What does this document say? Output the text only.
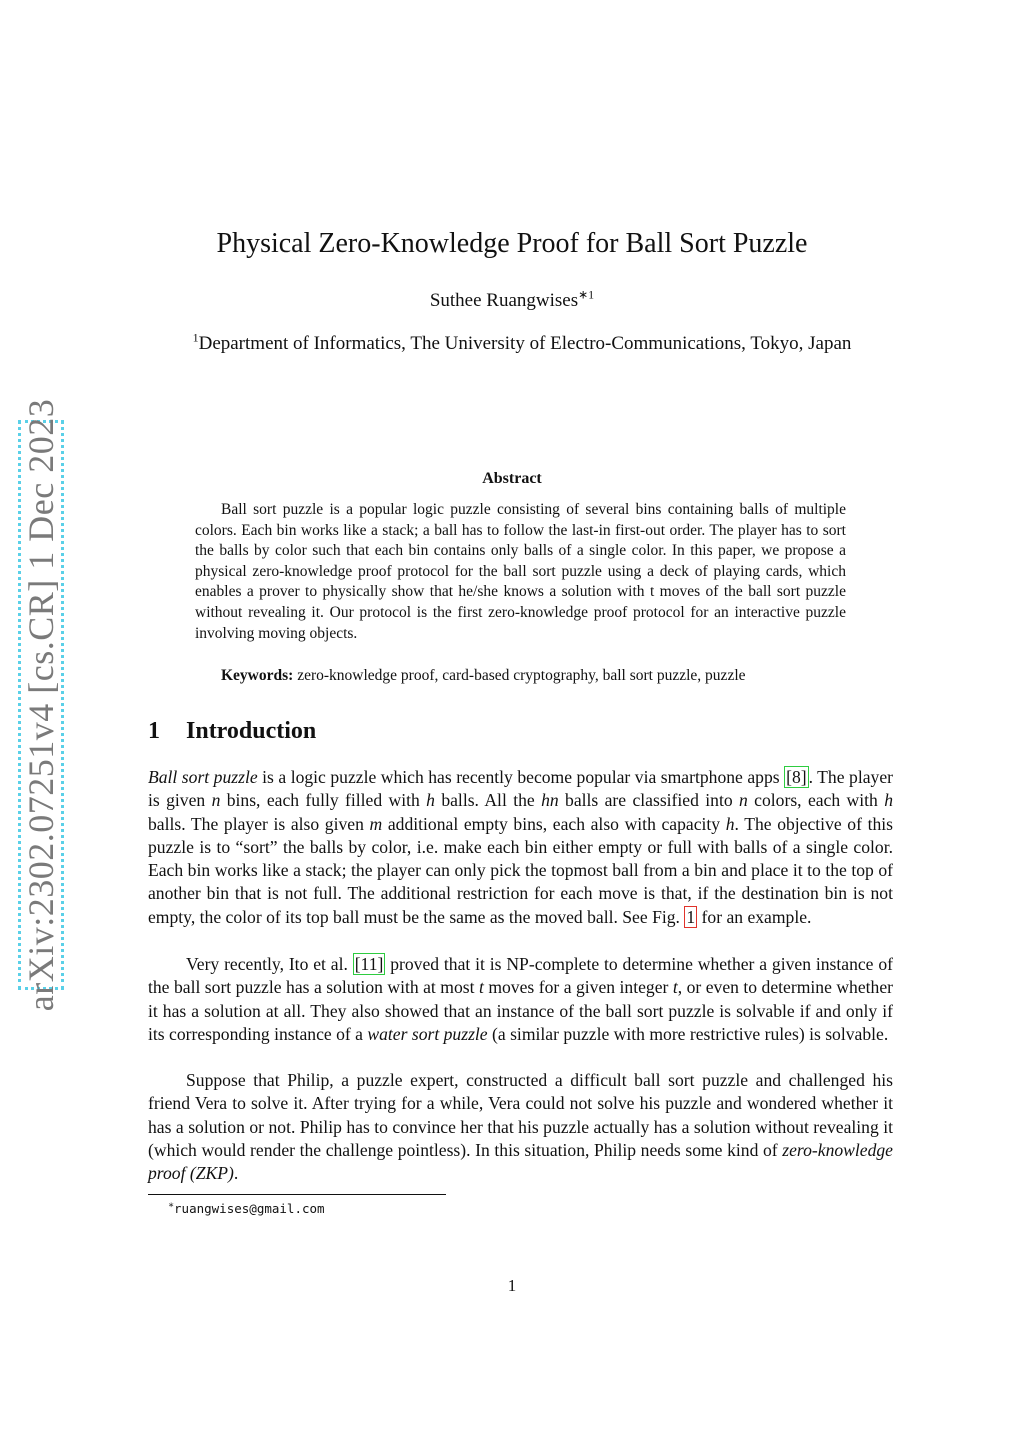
arXiv:2302.07251v4 [cs.CR] 1 Dec 2023
Physical Zero-Knowledge Proof for Ball Sort Puzzle
Suthee Ruangwises$^{∗1}$
$^1$Department of Informatics, The University of Electro-Communications, Tokyo, Japan
Abstract
Ball sort puzzle is a popular logic puzzle consisting of several bins containing balls of multiple colors. Each bin works like a stack; a ball has to follow the last-in first-out order. The player has to sort the balls by color such that each bin contains only balls of a single color. In this paper, we propose a physical zero-knowledge proof protocol for the ball sort puzzle using a deck of playing cards, which enables a prover to physically show that he/she knows a solution with t moves of the ball sort puzzle without revealing it. Our protocol is the first zero-knowledge proof protocol for an interactive puzzle involving moving objects.
Keywords: zero-knowledge proof, card-based cryptography, ball sort puzzle, puzzle
1 Introduction
Ball sort puzzle is a logic puzzle which has recently become popular via smartphone apps [8] . The player is given n bins, each fully filled with h balls. All the hn balls are classified into n colors, each with h balls. The player is also given m additional empty bins, each also with capacity h. The objective of this puzzle is to “sort” the balls by color, i.e. make each bin either empty or full with balls of a single color. Each bin works like a stack; the player can only pick the topmost ball from a bin and place it to the top of another bin that is not full. The additional restriction for each move is that, if the destination bin is not empty, the color of its top ball must be the same as the moved ball. See Fig. 1 for an example.
Very recently, Ito et al. [11] proved that it is NP-complete to determine whether a given instance of the ball sort puzzle has a solution with at most t moves for a given integer t, or even to determine whether it has a solution at all. They also showed that an instance of the ball sort puzzle is solvable if and only if its corresponding instance of a water sort puzzle (a similar puzzle with more restrictive rules) is solvable.
Suppose that Philip, a puzzle expert, constructed a difficult ball sort puzzle and challenged his friend Vera to solve it. After trying for a while, Vera could not solve his puzzle and wondered whether it has a solution or not. Philip has to convince her that his puzzle actually has a solution without revealing it (which would render the challenge pointless). In this situation, Philip needs some kind of zero-knowledge proof (ZKP).
∗ruangwises@gmail.com
1
